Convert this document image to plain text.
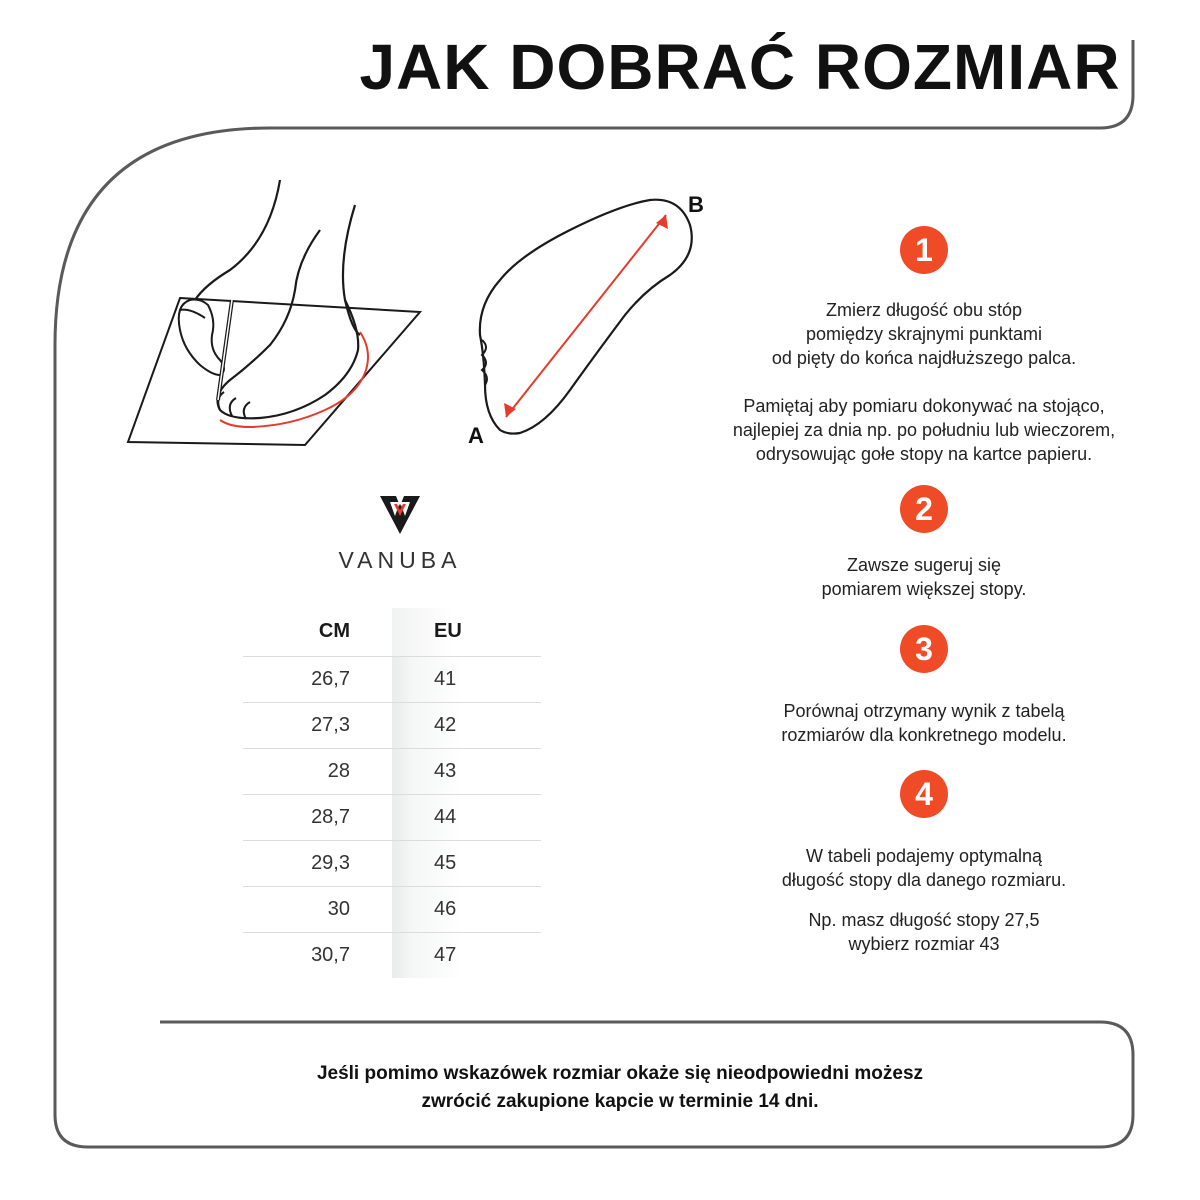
JAK DOBRAĆ ROZMIAR
A
B
VANUBA
CM	EU
26,7	41
27,3	42
28	43
28,7	44
29,3	45
30	46
30,7	47
1

Zmierz długość obu stóp

pomiędzy skrajnymi punktami

od pięty do końca najdłuższego palca.

Pamiętaj aby pomiaru dokonywać na stojąco,

najlepiej za dnia np. po południu lub wieczorem,

odrysowując gołe stopy na kartce papieru.

2

Zawsze sugeruj się

pomiarem większej stopy.

3

Porównaj otrzymany wynik z tabelą

rozmiarów dla konkretnego modelu.

4

W tabeli podajemy optymalną

długość stopy dla danego rozmiaru.

Np. masz długość stopy 27,5

wybierz rozmiar 43

Jeśli pomimo wskazówek rozmiar okaże się nieodpowiedni możesz
zwrócić zakupione kapcie w terminie 14 dni.
